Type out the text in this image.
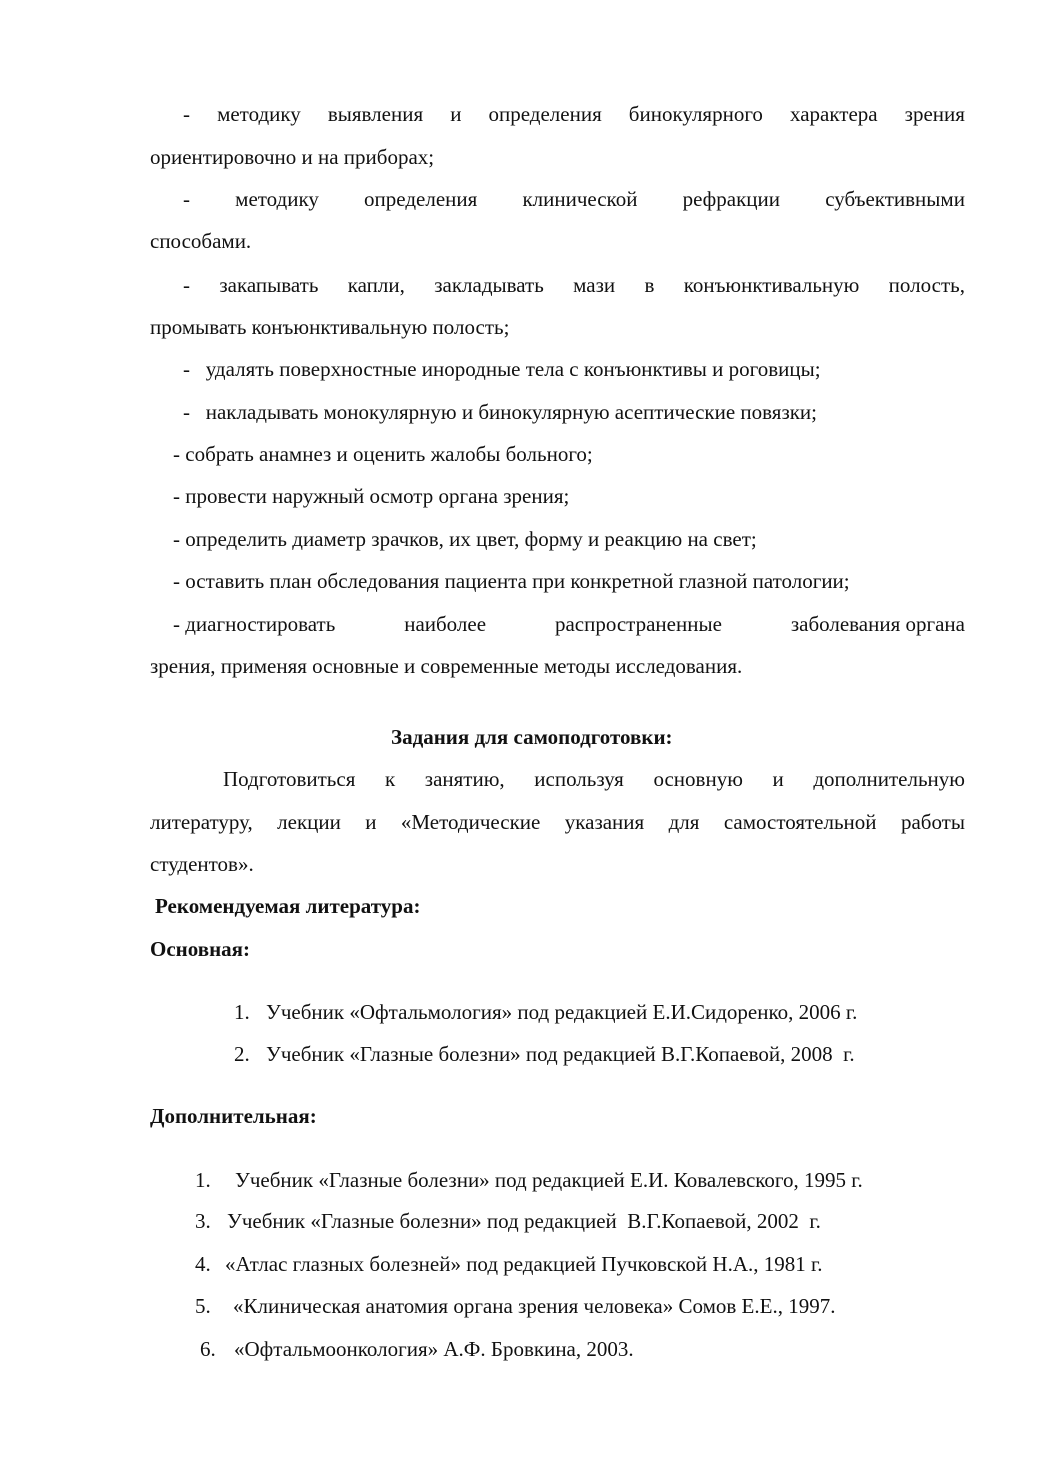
- методику выявления и определения бинокулярного характера зрения
ориентировочно и на приборах;
- методику определения клинической рефракции субъективными
способами.
- закапывать капли, закладывать мази в конъюнктивальную полость,
промывать конъюнктивальную полость;
-   удалять поверхностные инородные тела с конъюнктивы и роговицы;
-   накладывать монокулярную и бинокулярную асептические повязки;
- собрать анамнез и оценить жалобы больного;
- провести наружный осмотр органа зрения;
- определить диаметр зрачков, их цвет, форму и реакцию на свет;
- оставить план обследования пациента при конкретной глазной патологии;
- диагностировать	наиболее	распространенные	заболевания органа
зрения, применяя основные и современные методы исследования.
Задания для самоподготовки:
Подготовиться к занятию, используя основную и дополнительную
литературу, лекции и «Методические указания для самостоятельной работы
студентов».
Рекомендуемая литература:
Основная:

1. Учебник «Офтальмология» под редакцией Е.И.Сидоренко, 2006 г.

2. Учебник «Глазные болезни» под редакцией В.Г.Копаевой, 2008  г.

Дополнительная:

1. Учебник «Глазные болезни» под редакцией Е.И. Ковалевского, 1995 г.

3. Учебник «Глазные болезни» под редакцией  В.Г.Копаевой, 2002  г.

4. «Атлас глазных болезней» под редакцией Пучковской Н.А., 1981 г.

5. «Клиническая анатомия органа зрения человека» Сомов Е.Е., 1997.

6. «Офтальмоонкология» А.Ф. Бровкина, 2003.
